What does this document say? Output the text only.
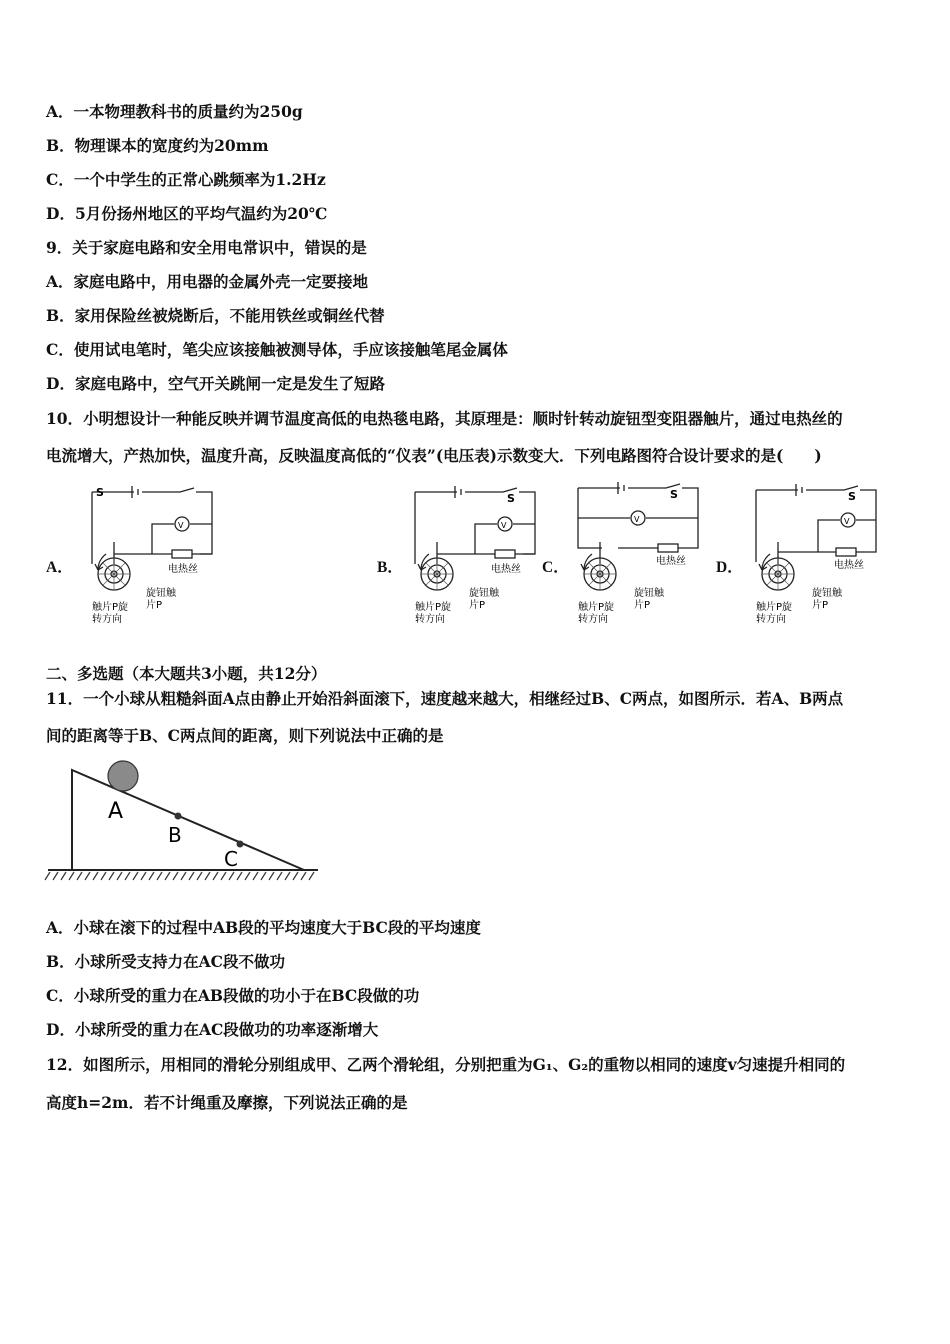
A．一本物理教科书的质量约为250g
B．物理课本的宽度约为20mm
C．一个中学生的正常心跳频率为1.2Hz
D．5月份扬州地区的平均气温约为20℃
9．关于家庭电路和安全用电常识中，错误的是
A．家庭电路中，用电器的金属外壳一定要接地
B．家用保险丝被烧断后，不能用铁丝或铜丝代替
C．使用试电笔时，笔尖应该接触被测导体，手应该接触笔尾金属体
D．家庭电路中，空气开关跳闸一定是发生了短路
10．小明想设计一种能反映并调节温度高低的电热毯电路，其原理是：顺时针转动旋钮型变阻器触片，通过电热丝的
电流增大，产热加快，温度升高，反映温度高低的“仪表”(电压表)示数变大．下列电路图符合设计要求的是(　　)
A．	B．	C．	D．
S
V
电热丝
旋钮触
片P
触片P旋
转方向
S
V
电热丝
旋钮触
片P
触片P旋
转方向
S
V
电热丝
旋钮触
片P
触片P旋
转方向
S
V
电热丝
旋钮触
片P
触片P旋
转方向
二、多选题（本大题共3小题，共12分）
11．一个小球从粗糙斜面A点由静止开始沿斜面滚下，速度越来越大，相继经过B、C两点，如图所示．若A、B两点
间的距离等于B、C两点间的距离，则下列说法中正确的是
A
B
C
A．小球在滚下的过程中AB段的平均速度大于BC段的平均速度
B．小球所受支持力在AC段不做功
C．小球所受的重力在AB段做的功小于在BC段做的功
D．小球所受的重力在AC段做功的功率逐渐增大
12．如图所示，用相同的滑轮分别组成甲、乙两个滑轮组，分别把重为G₁、G₂的重物以相同的速度v匀速提升相同的
高度h=2m．若不计绳重及摩擦，下列说法正确的是
